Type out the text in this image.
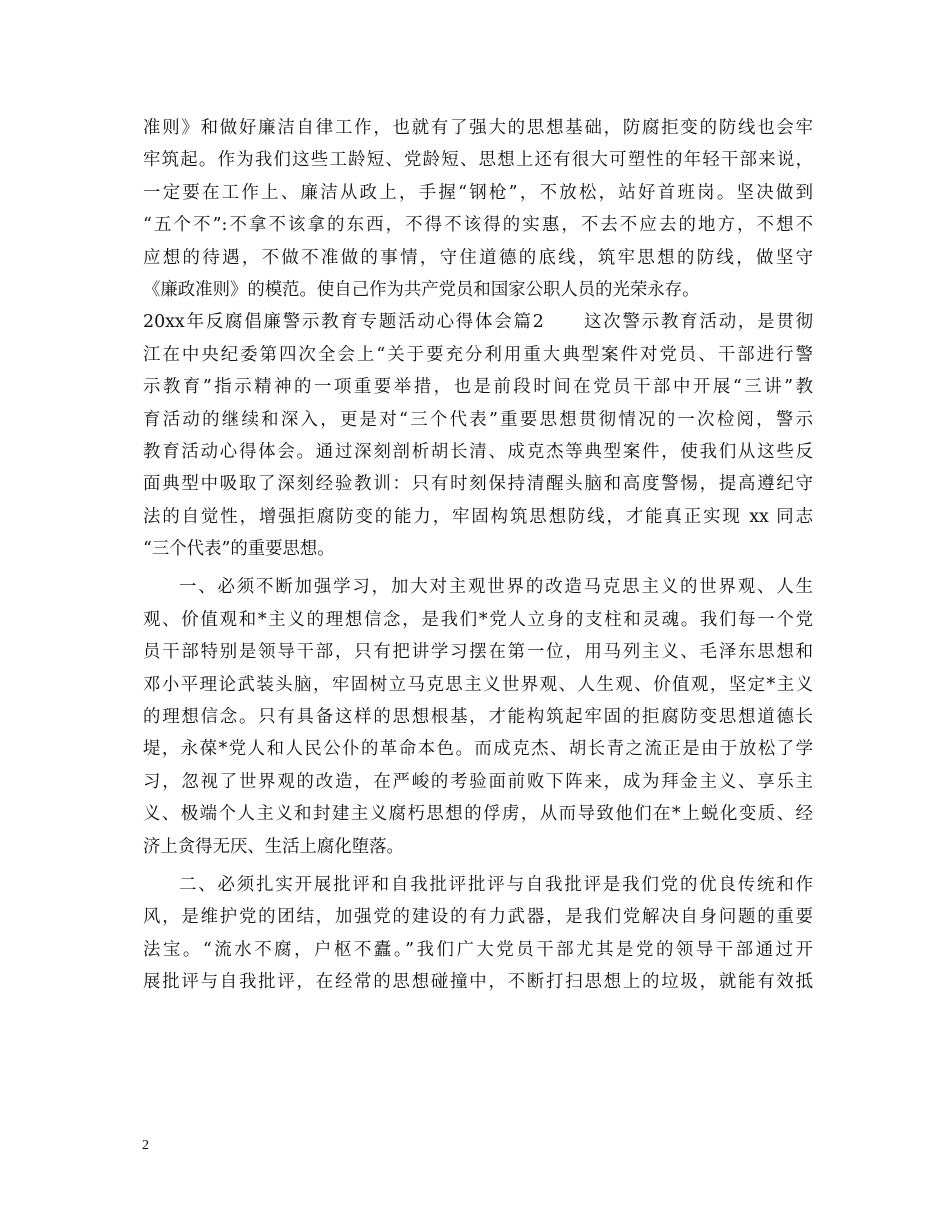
准则》和做好廉洁自律工作，也就有了强大的思想基础，防腐拒变的防线也会牢
牢筑起。作为我们这些工龄短、党龄短、思想上还有很大可塑性的年轻干部来说，
一定要在工作上、廉洁从政上，手握“钢枪”，不放松，站好首班岗。坚决做到
“五个不”:不拿不该拿的东西，不得不该得的实惠，不去不应去的地方，不想不
应想的待遇，不做不准做的事情，守住道德的底线，筑牢思想的防线，做坚守
《廉政准则》的模范。使自己作为共产党员和国家公职人员的光荣永存。
20xx年反腐倡廉警示教育专题活动心得体会篇2　　这次警示教育活动，是贯彻
江在中央纪委第四次全会上“关于要充分利用重大典型案件对党员、干部进行警
示教育”指示精神的一项重要举措，也是前段时间在党员干部中开展“三讲”教
育活动的继续和深入，更是对“三个代表”重要思想贯彻情况的一次检阅，警示
教育活动心得体会。通过深刻剖析胡长清、成克杰等典型案件，使我们从这些反
面典型中吸取了深刻经验教训：只有时刻保持清醒头脑和高度警惕，提高遵纪守
法的自觉性，增强拒腐防变的能力，牢固构筑思想防线，才能真正实现 xx 同志
“三个代表”的重要思想。
一、必须不断加强学习，加大对主观世界的改造马克思主义的世界观、人生
观、价值观和*主义的理想信念，是我们*党人立身的支柱和灵魂。我们每一个党
员干部特别是领导干部，只有把讲学习摆在第一位，用马列主义、毛泽东思想和
邓小平理论武装头脑，牢固树立马克思主义世界观、人生观、价值观，坚定*主义
的理想信念。只有具备这样的思想根基，才能构筑起牢固的拒腐防变思想道德长
堤，永葆*党人和人民公仆的革命本色。而成克杰、胡长青之流正是由于放松了学
习，忽视了世界观的改造，在严峻的考验面前败下阵来，成为拜金主义、享乐主
义、极端个人主义和封建主义腐朽思想的俘虏，从而导致他们在*上蜕化变质、经
济上贪得无厌、生活上腐化堕落。
二、必须扎实开展批评和自我批评批评与自我批评是我们党的优良传统和作
风，是维护党的团结，加强党的建设的有力武器，是我们党解决自身问题的重要
法宝。“流水不腐，户枢不蠹。”我们广大党员干部尤其是党的领导干部通过开
展批评与自我批评，在经常的思想碰撞中，不断打扫思想上的垃圾，就能有效抵
2
